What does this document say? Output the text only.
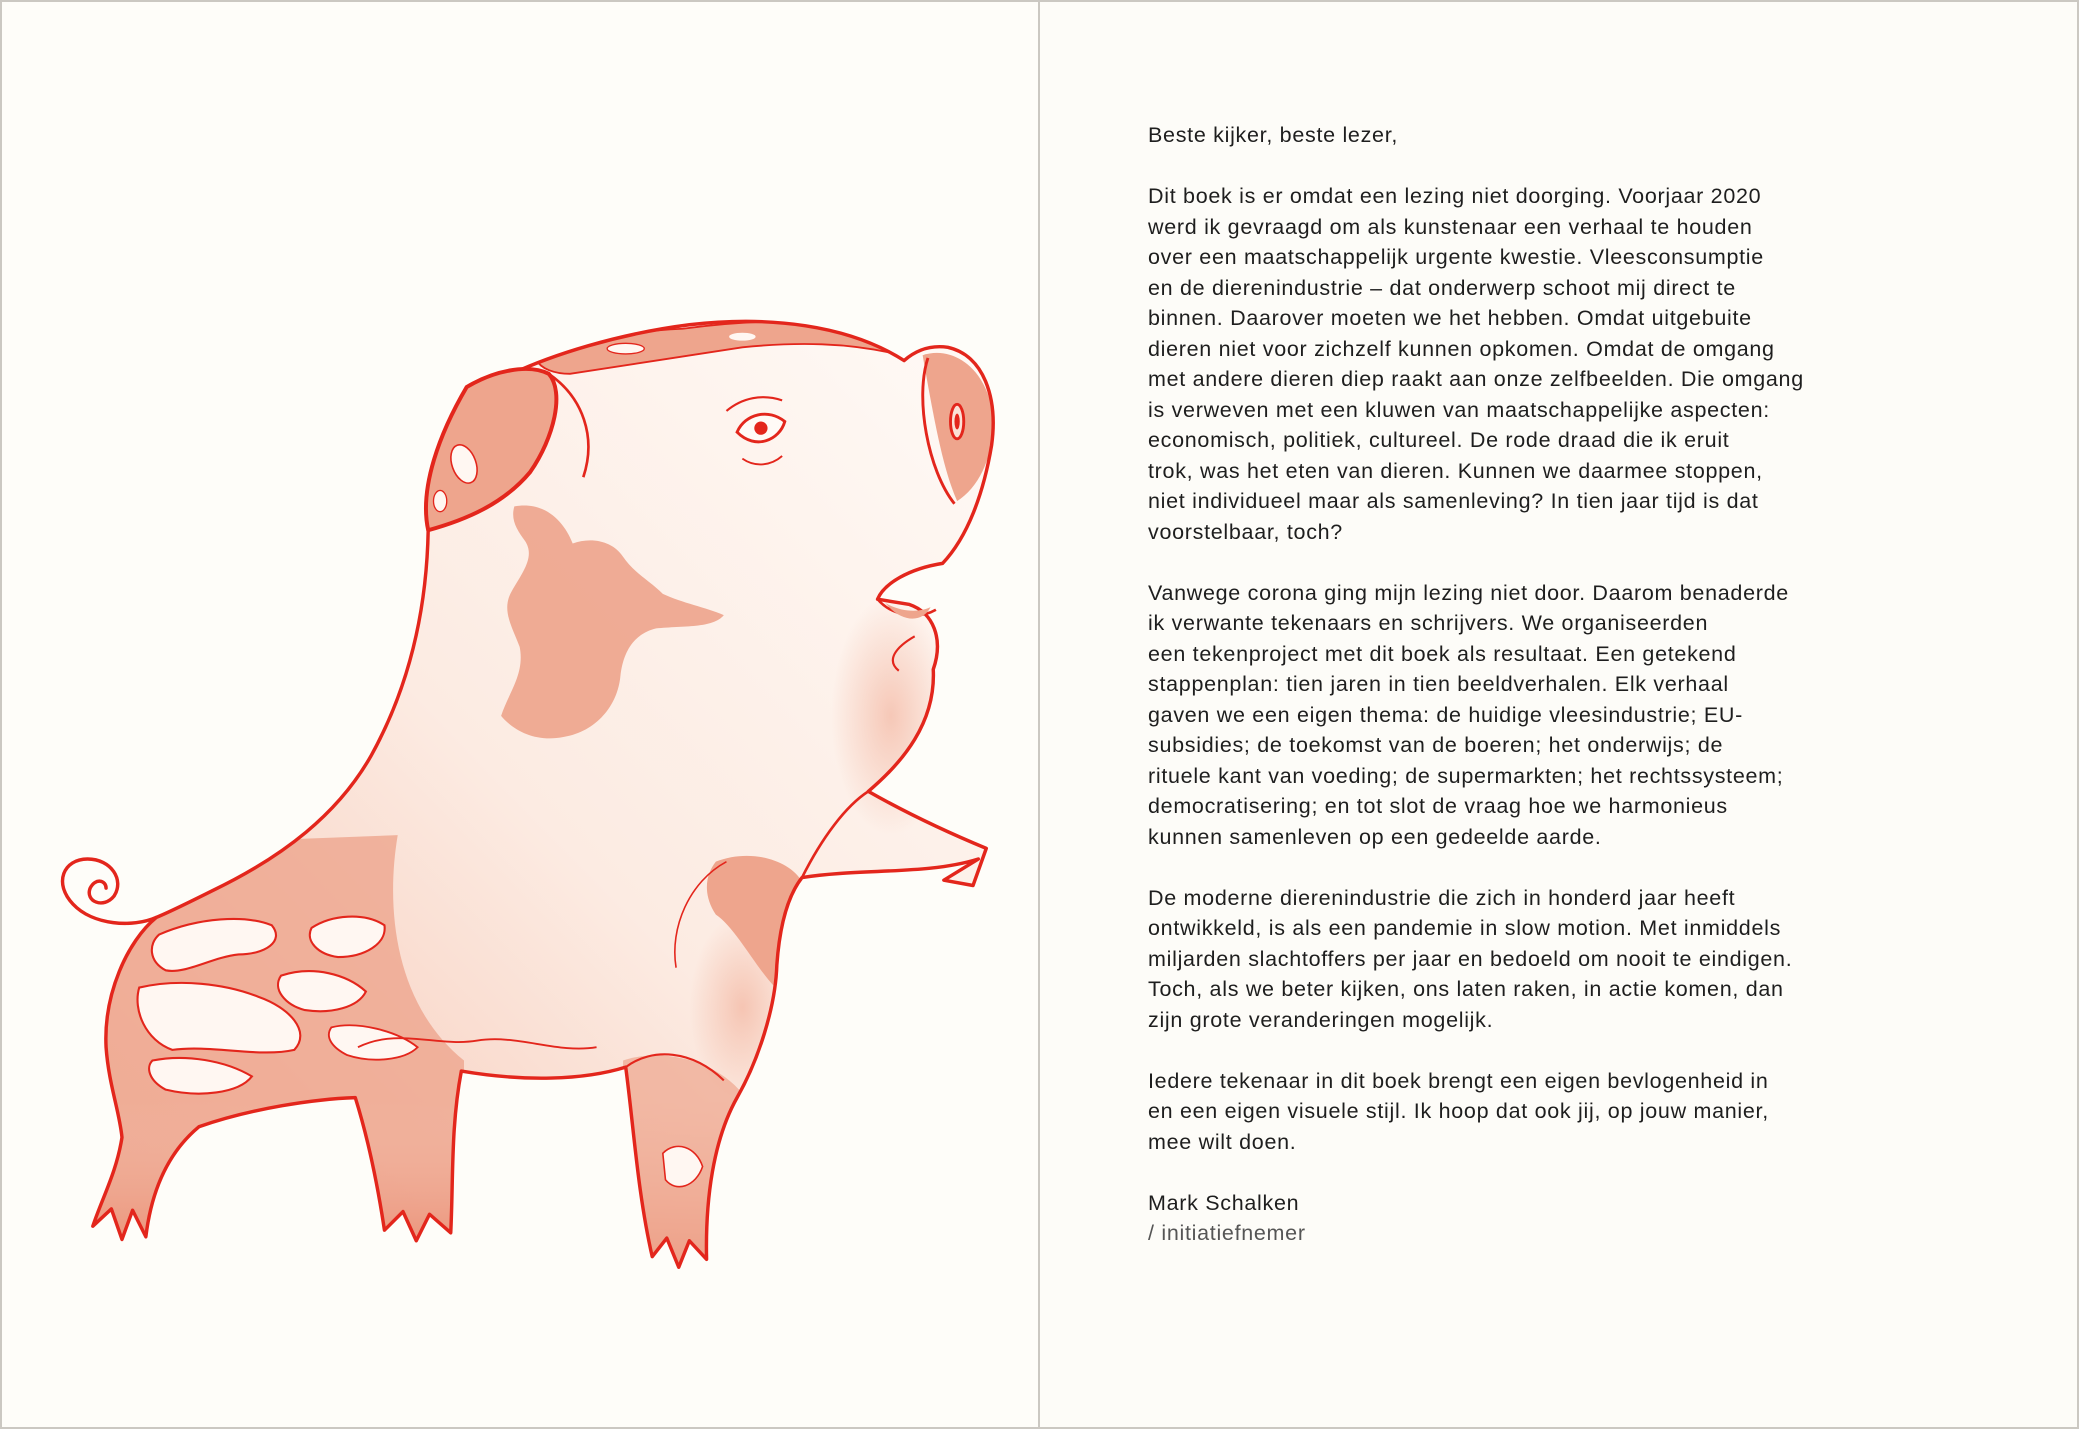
Beste kijker, beste lezer,
Dit boek is er omdat een lezing niet doorging. Voorjaar 2020
werd ik gevraagd om als kunstenaar een verhaal te houden
over een maatschappelijk urgente kwestie. Vleesconsumptie
en de dierenindustrie – dat onderwerp schoot mij direct te
binnen. Daarover moeten we het hebben. Omdat uitgebuite
dieren niet voor zichzelf kunnen opkomen. Omdat de omgang
met andere dieren diep raakt aan onze zelfbeelden. Die omgang
is verweven met een kluwen van maatschappelijke aspecten:
economisch, politiek, cultureel. De rode draad die ik eruit
trok, was het eten van dieren. Kunnen we daarmee stoppen,
niet individueel maar als samenleving? In tien jaar tijd is dat
voorstelbaar, toch?
Vanwege corona ging mijn lezing niet door. Daarom benaderde
ik verwante tekenaars en schrijvers. We organiseerden
een tekenproject met dit boek als resultaat. Een getekend
stappenplan: tien jaren in tien beeldverhalen. Elk verhaal
gaven we een eigen thema: de huidige vleesindustrie; EU-
subsidies; de toekomst van de boeren; het onderwijs; de
rituele kant van voeding; de supermarkten; het rechtssysteem;
democratisering; en tot slot de vraag hoe we harmonieus
kunnen samenleven op een gedeelde aarde.
De moderne dierenindustrie die zich in honderd jaar heeft
ontwikkeld, is als een pandemie in slow motion. Met inmiddels
miljarden slachtoffers per jaar en bedoeld om nooit te eindigen.
Toch, als we beter kijken, ons laten raken, in actie komen, dan
zijn grote veranderingen mogelijk.
Iedere tekenaar in dit boek brengt een eigen bevlogenheid in
en een eigen visuele stijl. Ik hoop dat ook jij, op jouw manier,
mee wilt doen.
Mark Schalken
/ initiatiefnemer
